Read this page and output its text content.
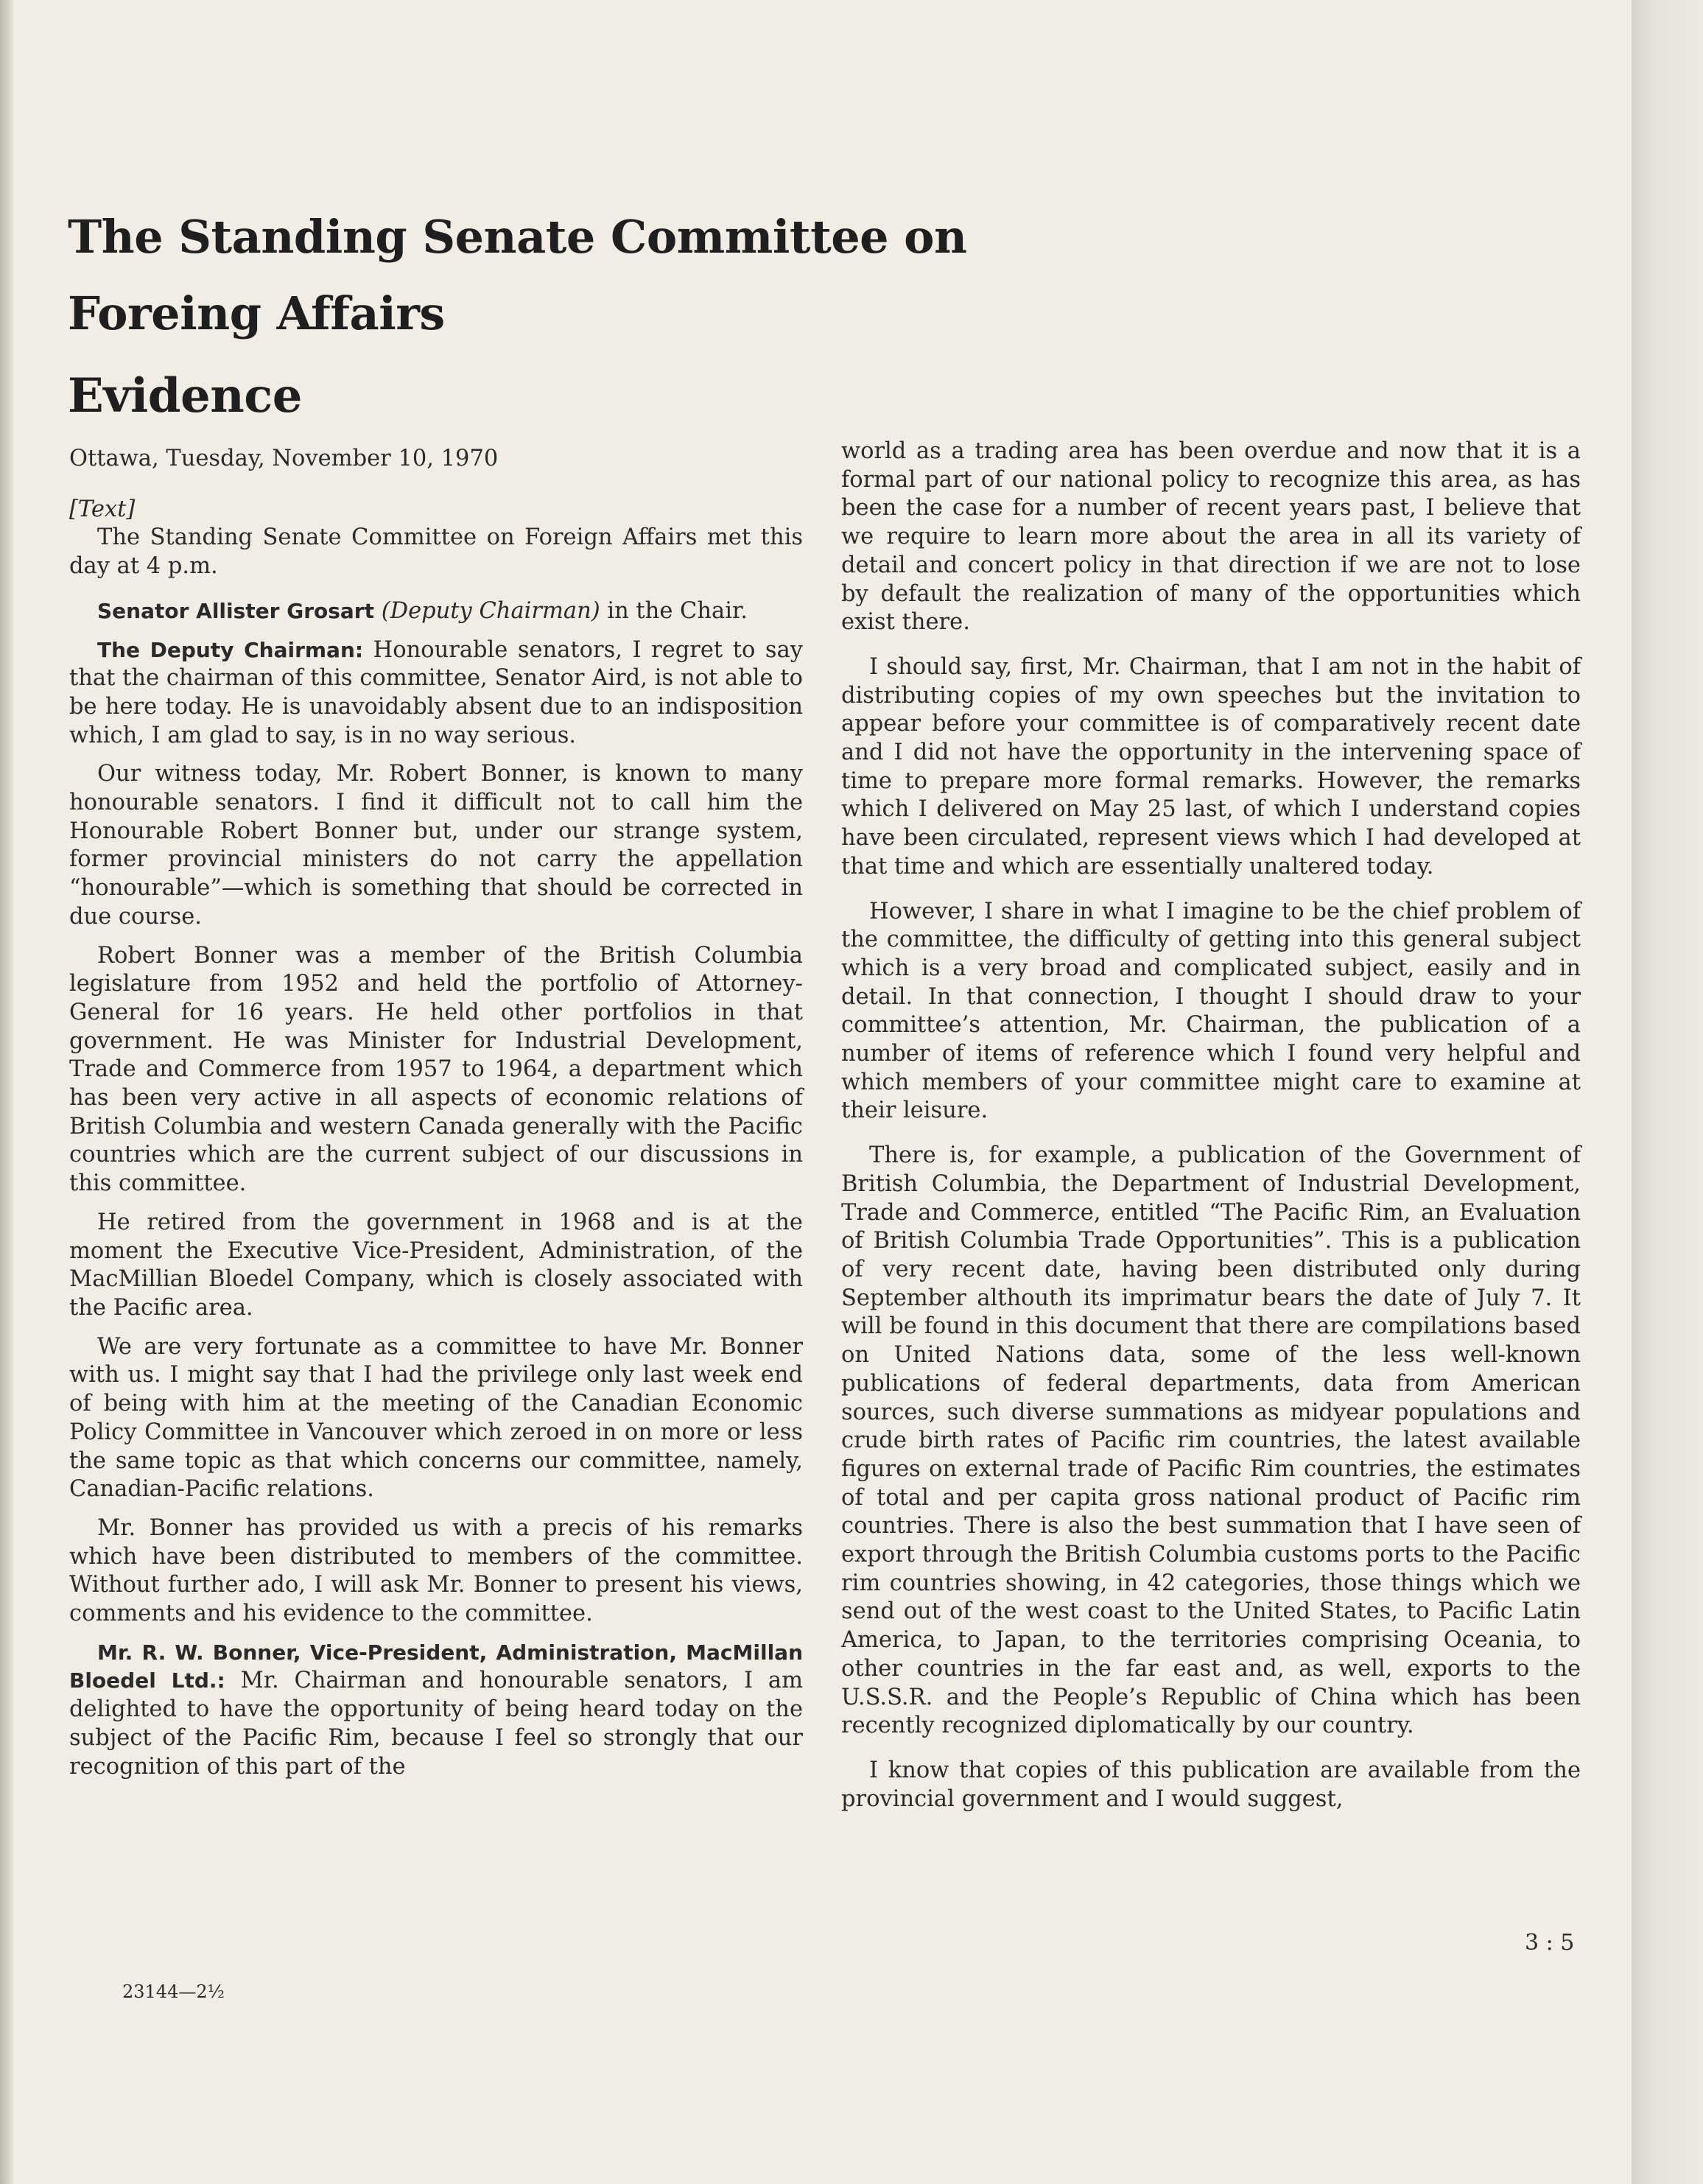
The Standing Senate Committee on Foreing Affairs
Evidence

Ottawa, Tuesday, November 10, 1970

[Text]

The Standing Senate Committee on Foreign Affairs met this day at 4 p.m.

Senator Allister Grosart (Deputy Chairman) in the Chair.

The Deputy Chairman: Honourable senators, I regret to say that the chairman of this committee, Senator Aird, is not able to be here today. He is unavoidably absent due to an indisposition which, I am glad to say, is in no way serious.

Our witness today, Mr. Robert Bonner, is known to many honourable senators. I find it difficult not to call him the Honourable Robert Bonner but, under our strange system, former provincial ministers do not carry the appellation “honourable”—which is something that should be corrected in due course.

Robert Bonner was a member of the British Columbia legislature from 1952 and held the portfolio of Attorney-General for 16 years. He held other portfolios in that government. He was Minister for Industrial Development, Trade and Commerce from 1957 to 1964, a department which has been very active in all aspects of economic relations of British Columbia and western Canada generally with the Pacific countries which are the current subject of our discussions in this committee.

He retired from the government in 1968 and is at the moment the Executive Vice-President, Administration, of the MacMillian Bloedel Company, which is closely associated with the Pacific area.

We are very fortunate as a committee to have Mr. Bonner with us. I might say that I had the privilege only last week end of being with him at the meeting of the Canadian Economic Policy Committee in Vancouver which zeroed in on more or less the same topic as that which concerns our committee, namely, Canadian-Pacific relations.

Mr. Bonner has provided us with a precis of his remarks which have been distributed to members of the committee. Without further ado, I will ask Mr. Bonner to present his views, comments and his evidence to the committee.

Mr. R. W. Bonner, Vice-President, Administration, MacMillan Bloedel Ltd.: Mr. Chairman and honourable senators, I am delighted to have the opportunity of being heard today on the subject of the Pacific Rim, because I feel so strongly that our recognition of this part of the

world as a trading area has been overdue and now that it is a formal part of our national policy to recognize this area, as has been the case for a number of recent years past, I believe that we require to learn more about the area in all its variety of detail and concert policy in that direction if we are not to lose by default the realization of many of the opportunities which exist there.

I should say, first, Mr. Chairman, that I am not in the habit of distributing copies of my own speeches but the invitation to appear before your committee is of comparatively recent date and I did not have the opportunity in the intervening space of time to prepare more formal remarks. However, the remarks which I delivered on May 25 last, of which I understand copies have been circulated, represent views which I had developed at that time and which are essentially unaltered today.

However, I share in what I imagine to be the chief problem of the committee, the difficulty of getting into this general subject which is a very broad and complicated subject, easily and in detail. In that connection, I thought I should draw to your committee’s attention, Mr. Chairman, the publication of a number of items of reference which I found very helpful and which members of your committee might care to examine at their leisure.

There is, for example, a publication of the Government of British Columbia, the Department of Industrial Development, Trade and Commerce, entitled “The Pacific Rim, an Evaluation of British Columbia Trade Opportunities”. This is a publication of very recent date, having been distributed only during September althouth its imprimatur bears the date of July 7. It will be found in this document that there are compilations based on United Nations data, some of the less well-known publications of federal departments, data from American sources, such diverse summations as midyear populations and crude birth rates of Pacific rim countries, the latest available figures on external trade of Pacific Rim countries, the estimates of total and per capita gross national product of Pacific rim countries. There is also the best summation that I have seen of export through the British Columbia customs ports to the Pacific rim countries showing, in 42 categories, those things which we send out of the west coast to the United States, to Pacific Latin America, to Japan, to the territories comprising Oceania, to other countries in the far east and, as well, exports to the U.S.S.R. and the People’s Republic of China which has been recently recognized diplomatically by our country.

I know that copies of this publication are available from the provincial government and I would suggest,

3 : 5
23144—2½
